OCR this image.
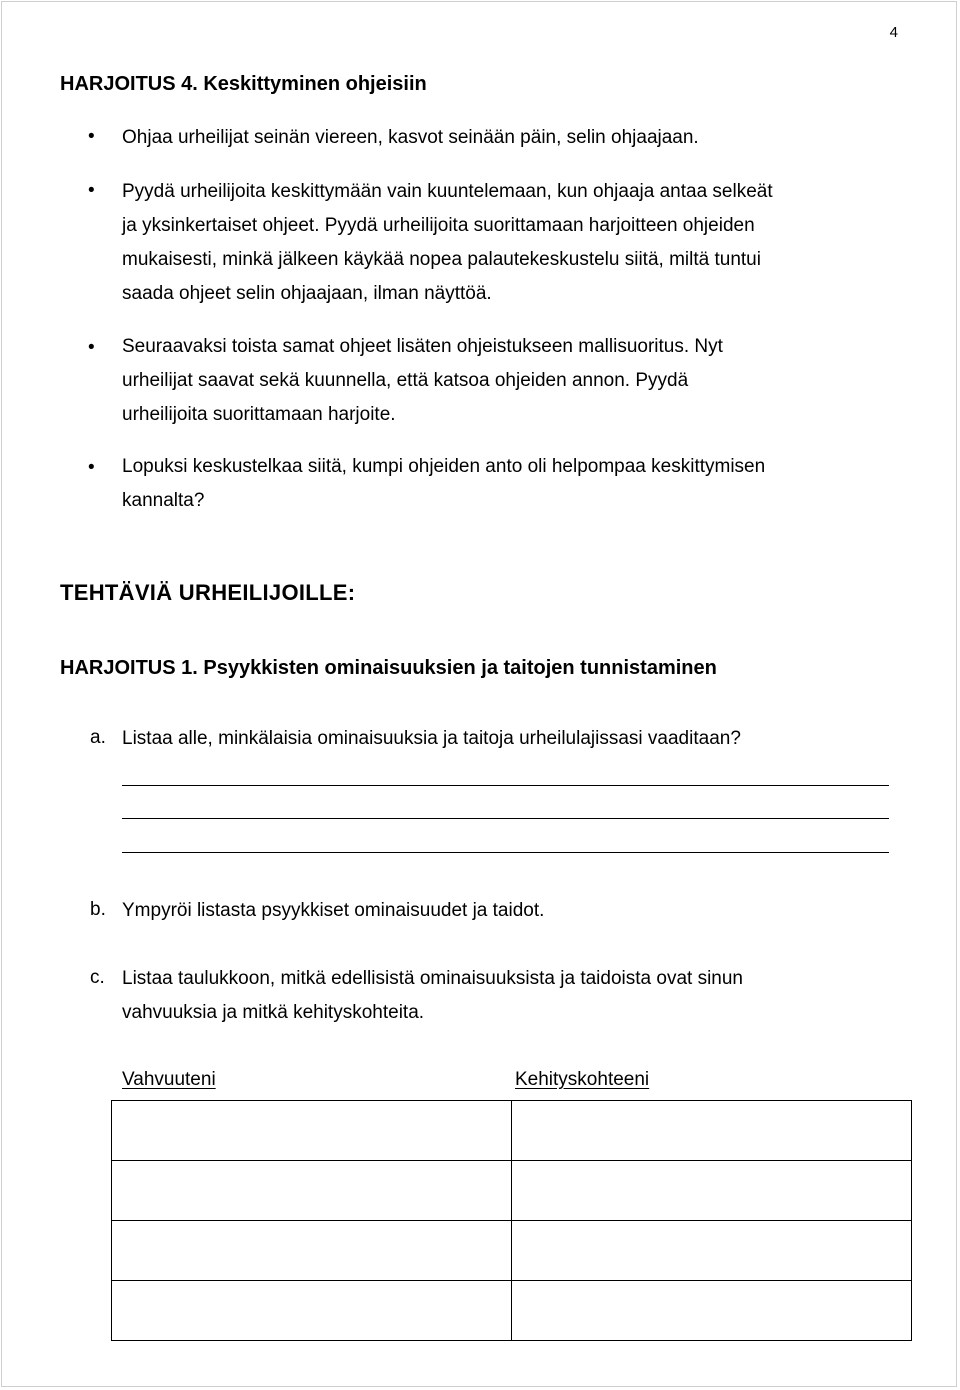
4
HARJOITUS 4. Keskittyminen ohjeisiin
• Ohjaa urheilijat seinän viereen, kasvot seinään päin, selin ohjaajaan.
• Pyydä urheilijoita keskittymään vain kuuntelemaan, kun ohjaaja antaa selkeät
ja yksinkertaiset ohjeet. Pyydä urheilijoita suorittamaan harjoitteen ohjeiden
mukaisesti, minkä jälkeen käykää nopea palautekeskustelu siitä, miltä tuntui
saada ohjeet selin ohjaajaan, ilman näyttöä.
• Seuraavaksi toista samat ohjeet lisäten ohjeistukseen mallisuoritus. Nyt
urheilijat saavat sekä kuunnella, että katsoa ohjeiden annon. Pyydä
urheilijoita suorittamaan harjoite.
• Lopuksi keskustelkaa siitä, kumpi ohjeiden anto oli helpompaa keskittymisen
kannalta?
TEHTÄVIÄ URHEILIJOILLE:
HARJOITUS 1. Psyykkisten ominaisuuksien ja taitojen tunnistaminen
a. Listaa alle, minkälaisia ominaisuuksia ja taitoja urheilulajissasi vaaditaan?
b. Ympyröi listasta psyykkiset ominaisuudet ja taidot.
c. Listaa taulukkoon, mitkä edellisistä ominaisuuksista ja taidoista ovat sinun
vahvuuksia ja mitkä kehityskohteita.
Vahvuuteni	Kehityskohteeni
